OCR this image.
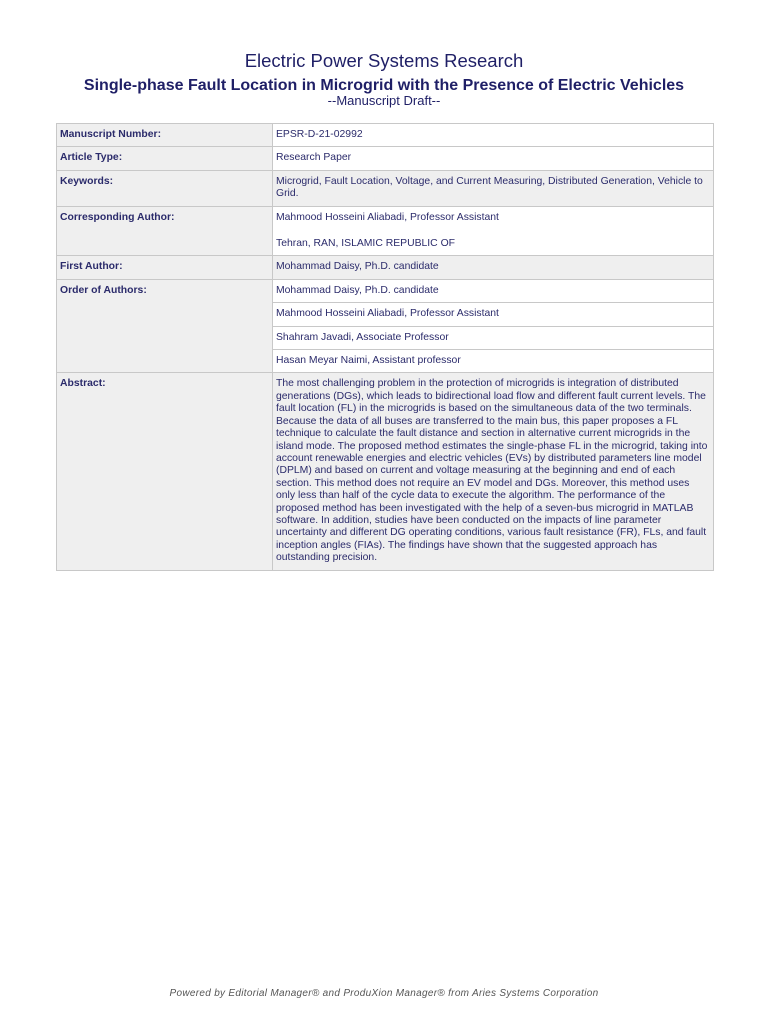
Electric Power Systems Research
Single-phase Fault Location in Microgrid with the Presence of Electric Vehicles
--Manuscript Draft--
Manuscript Number:	EPSR-D-21-02992
Article Type:	Research Paper
Keywords:	Microgrid, Fault Location, Voltage, and Current Measuring, Distributed Generation, Vehicle to Grid.
Corresponding Author:	Mahmood Hosseini Aliabadi, Professor Assistant
Tehran, RAN, ISLAMIC REPUBLIC OF

First Author:	Mohammad Daisy, Ph.D. candidate
Order of Authors:	Mohammad Daisy, Ph.D. candidate
	Mahmood Hosseini Aliabadi, Professor Assistant
	Shahram Javadi, Associate Professor
	Hasan Meyar Naimi, Assistant professor
Abstract:	The most challenging problem in the protection of microgrids is integration of distributed generations (DGs), which leads to bidirectional load flow and different fault current levels. The fault location (FL) in the microgrids is based on the simultaneous data of the two terminals. Because the data of all buses are transferred to the main bus, this paper proposes a FL technique to calculate the fault distance and section in alternative current microgrids in the island mode. The proposed method estimates the single-phase FL in the microgrid, taking into account renewable energies and electric vehicles (EVs) by distributed parameters line model (DPLM) and based on current and voltage measuring at the beginning and end of each section. This method does not require an EV model and DGs. Moreover, this method uses only less than half of the cycle data to execute the algorithm. The performance of the proposed method has been investigated with the help of a seven-bus microgrid in MATLAB software. In addition, studies have been conducted on the impacts of line parameter uncertainty and different DG operating conditions, various fault resistance (FR), FLs, and fault inception angles (FIAs). The findings have shown that the suggested approach has outstanding precision.
Powered by Editorial Manager® and ProduXion Manager® from Aries Systems Corporation
